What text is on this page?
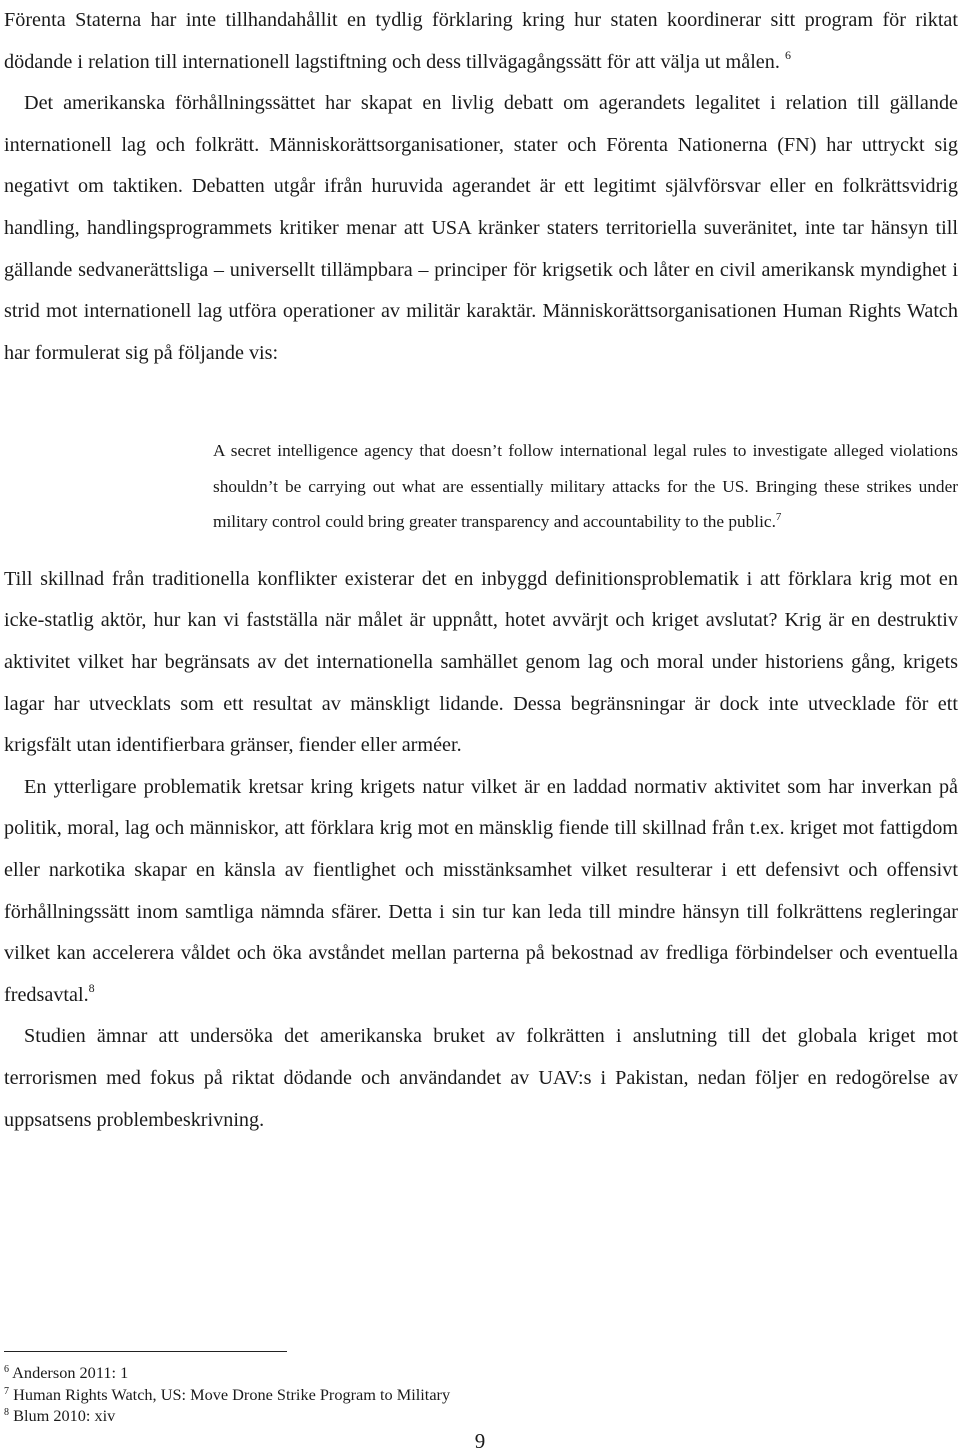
Förenta Staterna har inte tillhandahållit en tydlig förklaring kring hur staten koordinerar sitt program för riktat dödande i relation till internationell lagstiftning och dess tillvägagångssätt för att välja ut målen. $^6$

Det amerikanska förhållningssättet har skapat en livlig debatt om agerandets legalitet i relation till gällande internationell lag och folkrätt. Människorättsorganisationer, stater och Förenta Nationerna (FN) har uttryckt sig negativt om taktiken. Debatten utgår ifrån huruvida agerandet är ett legitimt självförsvar eller en folkrättsvidrig handling, handlingsprogrammets kritiker menar att USA kränker staters territoriella suveränitet, inte tar hänsyn till gällande sedvanerättsliga – universellt tillämpbara – principer för krigsetik och låter en civil amerikansk myndighet i strid mot internationell lag utföra operationer av militär karaktär. Människorättsorganisationen Human Rights Watch har formulerat sig på följande vis:

A secret intelligence agency that doesn’t follow international legal rules to investigate alleged violations shouldn’t be carrying out what are essentially military attacks for the US. Bringing these strikes under military control could bring greater transparency and accountability to the public.$^7$

Till skillnad från traditionella konflikter existerar det en inbyggd definitionsproblematik i att förklara krig mot en icke-statlig aktör, hur kan vi fastställa när målet är uppnått, hotet avvärjt och kriget avslutat? Krig är en destruktiv aktivitet vilket har begränsats av det internationella samhället genom lag och moral under historiens gång, krigets lagar har utvecklats som ett resultat av mänskligt lidande. Dessa begränsningar är dock inte utvecklade för ett krigsfält utan identifierbara gränser, fiender eller arméer.

En ytterligare problematik kretsar kring krigets natur vilket är en laddad normativ aktivitet som har inverkan på politik, moral, lag och människor, att förklara krig mot en mänsklig fiende till skillnad från t.ex. kriget mot fattigdom eller narkotika skapar en känsla av fientlighet och misstänksamhet vilket resulterar i ett defensivt och offensivt förhållningssätt inom samtliga nämnda sfärer. Detta i sin tur kan leda till mindre hänsyn till folkrättens regleringar vilket kan accelerera våldet och öka avståndet mellan parterna på bekostnad av fredliga förbindelser och eventuella fredsavtal.$^8$

Studien ämnar att undersöka det amerikanska bruket av folkrätten i anslutning till det globala kriget mot terrorismen med fokus på riktat dödande och användandet av UAV:s i Pakistan, nedan följer en redogörelse av uppsatsens problembeskrivning.

$^6$ Anderson 2011: 1

$^7$ Human Rights Watch, US: Move Drone Strike Program to Military

$^8$ Blum 2010: xiv

9
